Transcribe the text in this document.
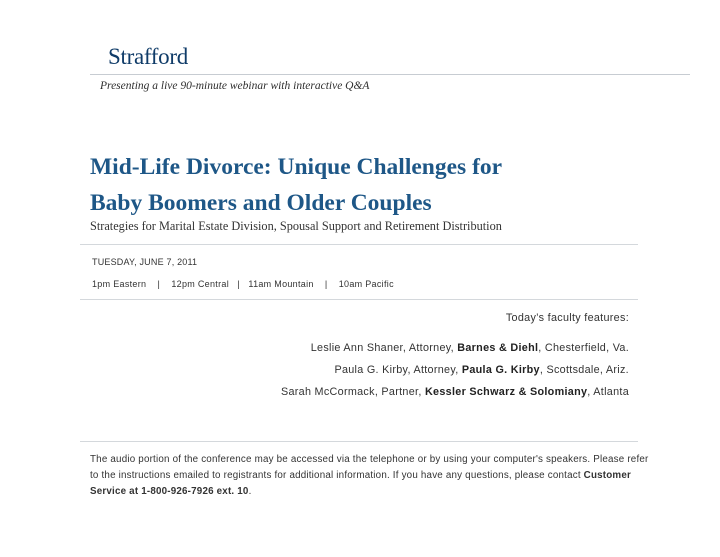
Strafford
Presenting a live 90-minute webinar with interactive Q&A
Mid-Life Divorce: Unique Challenges for
Baby Boomers and Older Couples
Strategies for Marital Estate Division, Spousal Support and Retirement Distribution
TUESDAY, JUNE 7, 2011
1pm Eastern    |    12pm Central   |   11am Mountain    |    10am Pacific
Today’s faculty features:
Leslie Ann Shaner, Attorney, Barnes & Diehl, Chesterfield, Va.
Paula G. Kirby, Attorney, Paula G. Kirby, Scottsdale, Ariz.
Sarah McCormack, Partner, Kessler Schwarz & Solomiany, Atlanta
The audio portion of the conference may be accessed via the telephone or by using your computer's speakers. Please refer to the instructions emailed to registrants for additional information. If you have any questions, please contact Customer Service at 1-800-926-7926 ext. 10.
